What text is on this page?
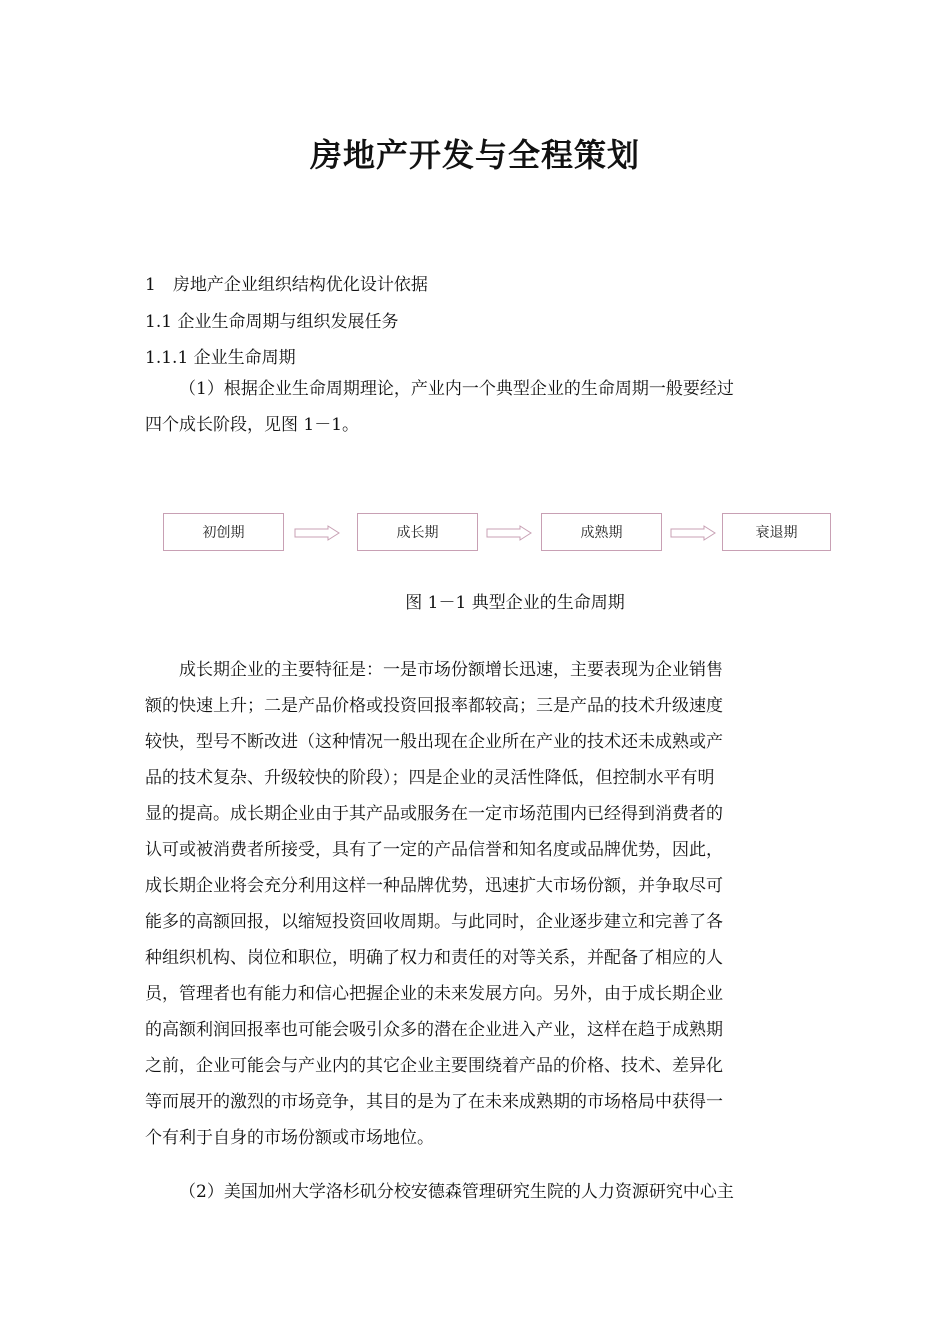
房地产开发与全程策划

1　房地产企业组织结构优化设计依据

1.1 企业生命周期与组织发展任务

1.1.1 企业生命周期

（1）根据企业生命周期理论，产业内一个典型企业的生命周期一般要经过
四个成长阶段，见图 1－1。
初创期	成长期	成熟期	衰退期

图 1－1 典型企业的生命周期

成长期企业的主要特征是：一是市场份额增长迅速，主要表现为企业销售
额的快速上升；二是产品价格或投资回报率都较高；三是产品的技术升级速度
较快，型号不断改进（这种情况一般出现在企业所在产业的技术还未成熟或产
品的技术复杂、升级较快的阶段）；四是企业的灵活性降低，但控制水平有明
显的提高。成长期企业由于其产品或服务在一定市场范围内已经得到消费者的
认可或被消费者所接受，具有了一定的产品信誉和知名度或品牌优势，因此，
成长期企业将会充分利用这样一种品牌优势，迅速扩大市场份额，并争取尽可
能多的高额回报，以缩短投资回收周期。与此同时，企业逐步建立和完善了各
种组织机构、岗位和职位，明确了权力和责任的对等关系，并配备了相应的人
员，管理者也有能力和信心把握企业的未来发展方向。另外，由于成长期企业
的高额利润回报率也可能会吸引众多的潜在企业进入产业，这样在趋于成熟期
之前，企业可能会与产业内的其它企业主要围绕着产品的价格、技术、差异化
等而展开的激烈的市场竞争，其目的是为了在未来成熟期的市场格局中获得一
个有利于自身的市场份额或市场地位。
（2）美国加州大学洛杉矶分校安德森管理研究生院的人力资源研究中心主
